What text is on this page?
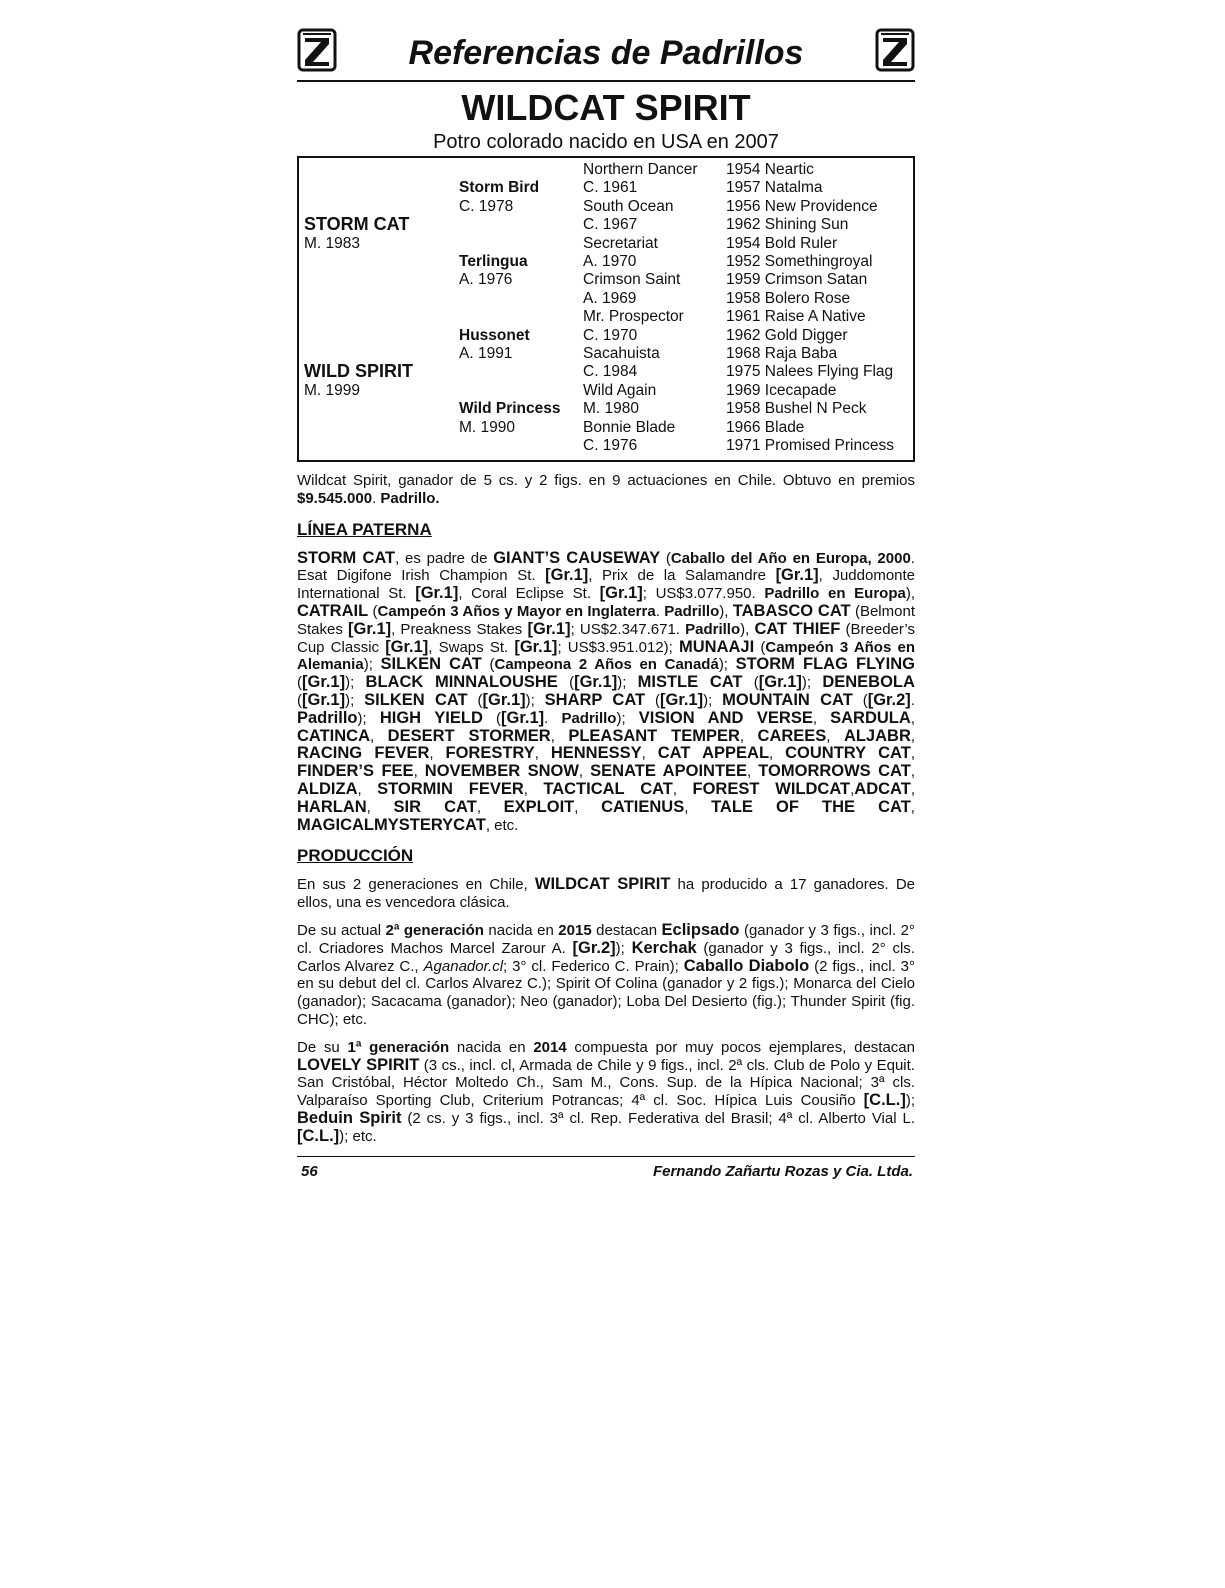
Referencias de Padrillos
WILDCAT SPIRIT
Potro colorado nacido en USA en 2007
1954 Neartic
1957 Natalma
1956 New Providence
1962 Shining Sun
1954 Bold Ruler
1952 Somethingroyal
1959 Crimson Satan
1958 Bolero Rose
1961 Raise A Native
1962 Gold Digger
1968 Raja Baba
1975 Nalees Flying Flag
1969 Icecapade
1958 Bushel N Peck
1966 Blade
1971 Promised Princess
Northern Dancer
C. 1961
South Ocean
C. 1967
Secretariat
A. 1970
Crimson Saint
A. 1969
Mr. Prospector
C. 1970
Sacahuista
C. 1984
Wild Again
M. 1980
Bonnie Blade
C. 1976
Storm Bird
C. 1978
Terlingua
A. 1976
Hussonet
A. 1991
Wild Princess
M. 1990
STORM CAT
M. 1983
WILD SPIRIT
M. 1999

Wildcat Spirit, ganador de 5 cs. y 2 figs. en 9 actuaciones en Chile. Obtuvo en premios $9.545.000. Padrillo.

LÍNEA PATERNA
STORM CAT, es padre de GIANT’S CAUSEWAY (Caballo del Año en Europa, 2000. Esat Digifone Irish Champion St. [Gr.1], Prix de la Salamandre [Gr.1], Juddomonte International St. [Gr.1], Coral Eclipse St. [Gr.1]; US$3.077.950. Padrillo en Europa), CATRAIL (Campeón 3 Años y Mayor en Inglaterra. Padrillo), TABASCO CAT (Belmont Stakes [Gr.1], Preakness Stakes [Gr.1]; US$2.347.671. Padrillo), CAT THIEF (Breeder’s Cup Classic [Gr.1], Swaps St. [Gr.1]; US$3.951.012); MUNAAJI (Campeón 3 Años en Alemania); SILKEN CAT (Campeona 2 Años en Canadá); STORM FLAG FLYING ([Gr.1]); BLACK MINNALOUSHE ([Gr.1]); MISTLE CAT ([Gr.1]); DENEBOLA ([Gr.1]); SILKEN CAT ([Gr.1]); SHARP CAT ([Gr.1]); MOUNTAIN CAT ([Gr.2]. Padrillo); HIGH YIELD ([Gr.1]. Padrillo); VISION AND VERSE, SARDULA, CATINCA, DESERT STORMER, PLEASANT TEMPER, CAREES, ALJABR, RACING FEVER, FORESTRY, HENNESSY, CAT APPEAL, COUNTRY CAT, FINDER’S FEE, NOVEMBER SNOW, SENATE APOINTEE, TOMORROWS CAT, ALDIZA, STORMIN FEVER, TACTICAL CAT, FOREST WILDCAT,ADCAT, HARLAN, SIR CAT, EXPLOIT, CATIENUS, TALE OF THE CAT, MAGICALMYSTERYCAT, etc.
PRODUCCIÓN

En sus 2 generaciones en Chile, WILDCAT SPIRIT ha producido a 17 ganadores. De ellos, una es vencedora clásica.

De su actual 2ª generación nacida en 2015 destacan Eclipsado (ganador y 3 figs., incl. 2° cl. Criadores Machos Marcel Zarour A. [Gr.2]); Kerchak (ganador y 3 figs., incl. 2° cls. Carlos Alvarez C., Aganador.cl; 3° cl. Federico C. Prain); Caballo Diabolo (2 figs., incl. 3° en su debut del cl. Carlos Alvarez C.); Spirit Of Colina (ganador y 2 figs.); Monarca del Cielo (ganador); Sacacama (ganador); Neo (ganador); Loba Del Desierto (fig.); Thunder Spirit (fig. CHC); etc.

De su 1ª generación nacida en 2014 compuesta por muy pocos ejemplares, destacan LOVELY SPIRIT (3 cs., incl. cl, Armada de Chile y 9 figs., incl. 2ª cls. Club de Polo y Equit. San Cristóbal, Héctor Moltedo Ch., Sam M., Cons. Sup. de la Hípica Nacional; 3ª cls. Valparaíso Sporting Club, Criterium Potrancas; 4ª cl. Soc. Hípica Luis Cousiño [C.L.]); Beduin Spirit (2 cs. y 3 figs., incl. 3ª cl. Rep. Federativa del Brasil; 4ª cl. Alberto Vial L. [C.L.]); etc.

56	Fernando Zañartu Rozas y Cia. Ltda.
